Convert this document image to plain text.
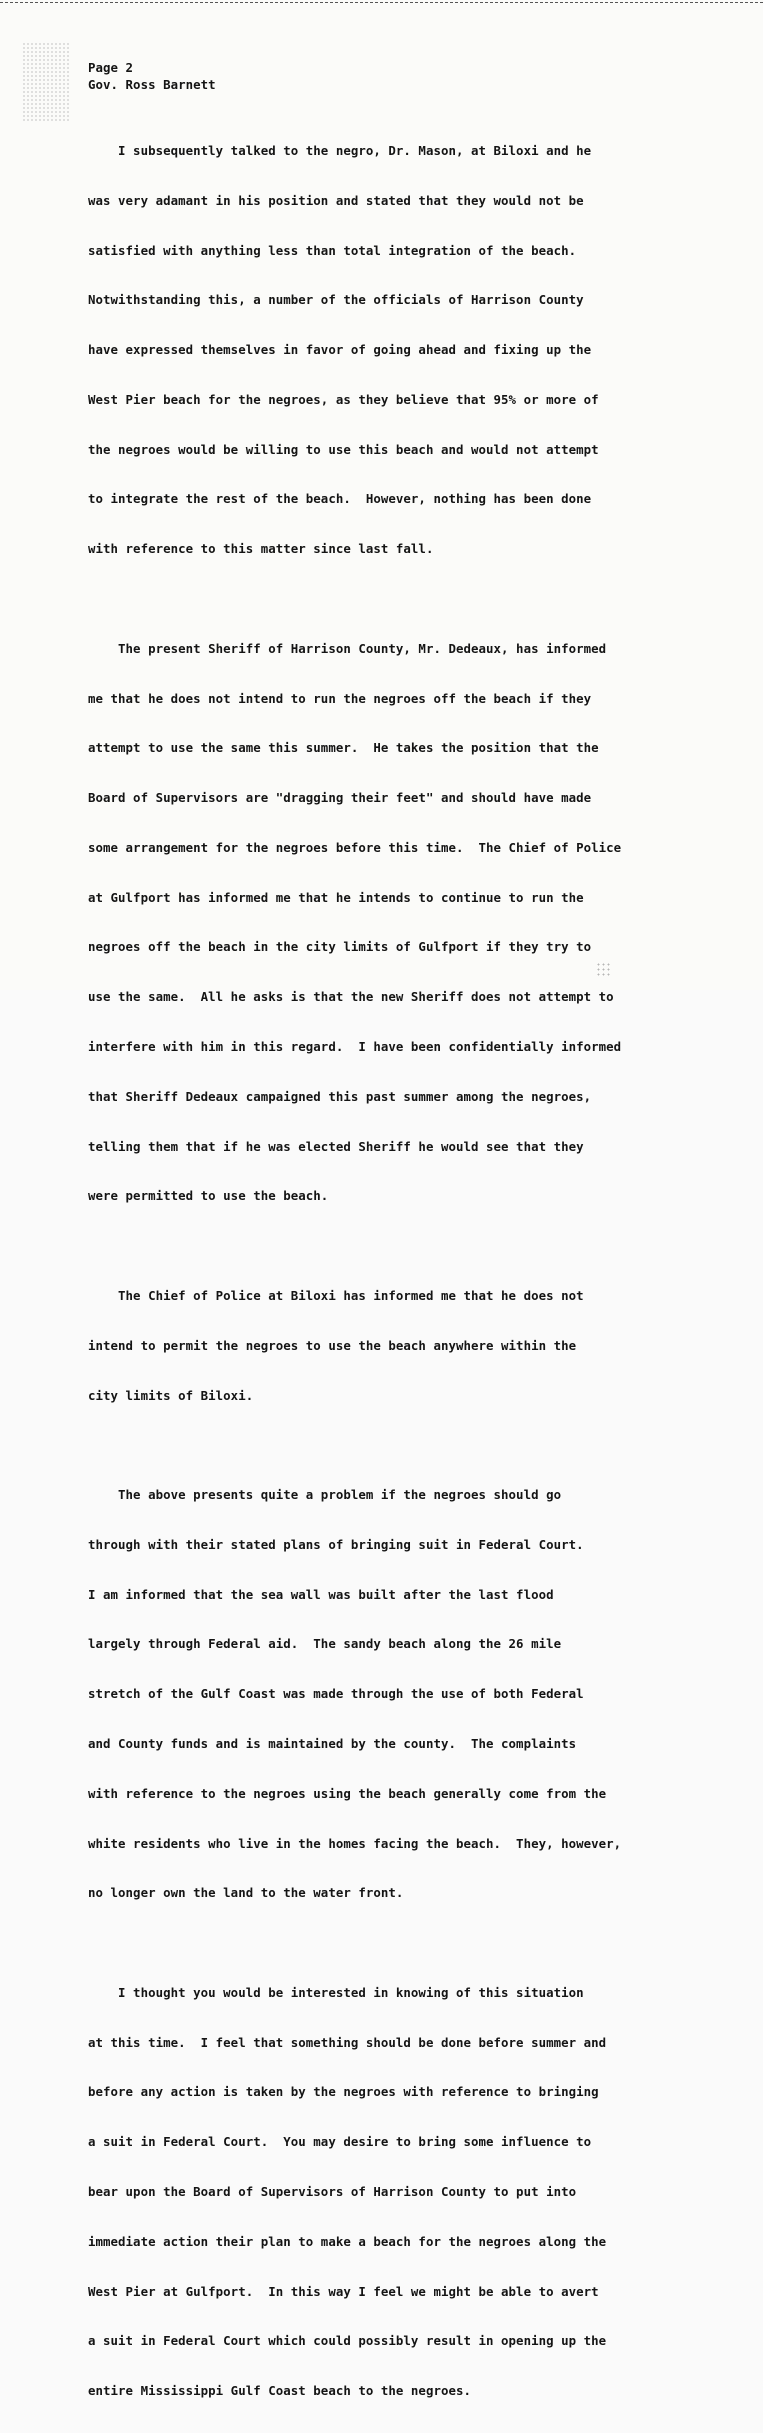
Page 2
Gov. Ross Barnett

I subsequently talked to the negro, Dr. Mason, at Biloxi and he

was very adamant in his position and stated that they would not be

satisfied with anything less than total integration of the beach.

Notwithstanding this, a number of the officials of Harrison County

have expressed themselves in favor of going ahead and fixing up the

West Pier beach for the negroes, as they believe that 95% or more of

the negroes would be willing to use this beach and would not attempt

to integrate the rest of the beach.  However, nothing has been done

with reference to this matter since last fall.

The present Sheriff of Harrison County, Mr. Dedeaux, has informed

me that he does not intend to run the negroes off the beach if they

attempt to use the same this summer.  He takes the position that the

Board of Supervisors are "dragging their feet" and should have made

some arrangement for the negroes before this time.  The Chief of Police

at Gulfport has informed me that he intends to continue to run the

negroes off the beach in the city limits of Gulfport if they try to

use the same.  All he asks is that the new Sheriff does not attempt to

interfere with him in this regard.  I have been confidentially informed

that Sheriff Dedeaux campaigned this past summer among the negroes,

telling them that if he was elected Sheriff he would see that they

were permitted to use the beach.

The Chief of Police at Biloxi has informed me that he does not

intend to permit the negroes to use the beach anywhere within the

city limits of Biloxi.

The above presents quite a problem if the negroes should go

through with their stated plans of bringing suit in Federal Court.

I am informed that the sea wall was built after the last flood

largely through Federal aid.  The sandy beach along the 26 mile

stretch of the Gulf Coast was made through the use of both Federal

and County funds and is maintained by the county.  The complaints

with reference to the negroes using the beach generally come from the

white residents who live in the homes facing the beach.  They, however,

no longer own the land to the water front.

I thought you would be interested in knowing of this situation

at this time.  I feel that something should be done before summer and

before any action is taken by the negroes with reference to bringing

a suit in Federal Court.  You may desire to bring some influence to

bear upon the Board of Supervisors of Harrison County to put into

immediate action their plan to make a beach for the negroes along the

West Pier at Gulfport.  In this way I feel we might be able to avert

a suit in Federal Court which could possibly result in opening up the

entire Mississippi Gulf Coast beach to the negroes.
